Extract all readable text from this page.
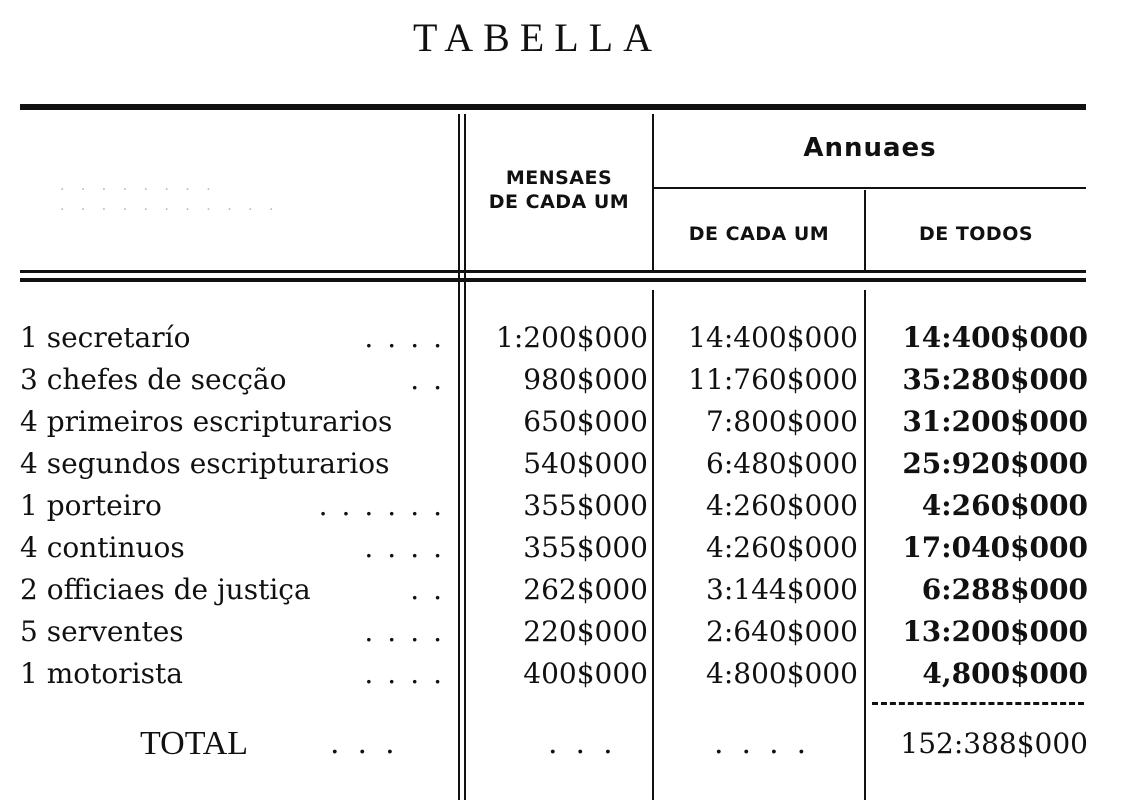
TABELLA
· · · · · · · ·
· · · · · · · · · · ·
MENSAES
DE CADA UM
Annuaes
DE CADA UM	DE TODOS
1 secretarío	....	1:200$000	14:400$000	14:400$000
3 chefes de secção	..	980$000	11:760$000	35:280$000
4 primeiros escripturarios	650$000	7:800$000	31:200$000
4 segundos escripturarios	540$000	6:480$000	25:920$000
1 porteiro	......	355$000	4:260$000	4:260$000
4 continuos	....	355$000	4:260$000	17:040$000
2 officiaes de justiça	..	262$000	3:144$000	6:288$000
5 serventes	....	220$000	2:640$000	13:200$000
1 motorista	....	400$000	4:800$000	4,800$000
TOTAL	...	...	....	152:388$000
